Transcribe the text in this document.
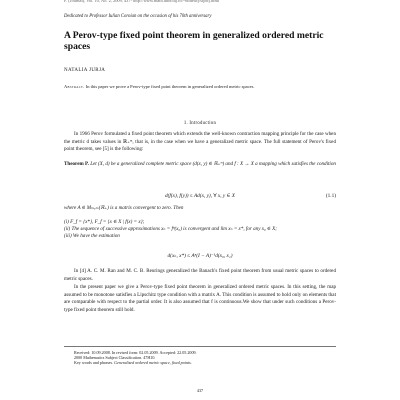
F. (Journal), Vol. 10, No. 2, 2009, 437- http://www.math.ubbcluj.ro/~nodeacj/sfptcj.html
Dedicated to Professor Iulian Coroian on the occasion of his 70th anniversary
A Perov-type fixed point theorem in generalized ordered metric spaces
NATALIA JURJA
Abstract. In this paper we prove a Perov-type fixed point theorem in generalized ordered metric spaces.
1. Introduction
In 1966 Perov formulated a fixed point theorem which extends the well-known contraction mapping principle for the case when the metric d takes values in ℝ₊ᵐ, that is, in the case when we have a generalized metric space. The full statement of Perov's fixed point theorem, see [5] is the following:
Theorem P. Let (X, d) be a generalized complete metric space (d(x, y) ∈ ℝ₊ᵐ) and f : X → X a mapping which satisfies the condition
d(f(x), f(y)) ≤ Ad(x, y), ∀ x, y ∈ X	(1.1)
where A ∈ Mₘₓₘ(ℝ₊) is a matrix convergent to zero. Then
(i) F_f = {x*}, F_f = {x ∈ X | f(x) = x};
(ii) The sequence of successive approximations xₙ = fⁿ(x₀) is convergent and lim xₙ = x*, for any x₀ ∈ X;
(iii) We have the estimation
d(xₙ, x*) ≤ Aⁿ(I − A)⁻¹d(x₀, x₁)
In [4] A. C. M. Ran and M. C. B. Reurings generalized the Banach's fixed point theorem from usual metric spaces to ordered metric spaces.
In the present paper we give a Perov-type fixed point theorem in generalized ordered metric spaces. In this setting, the map assumed to be monotone satisfies a Lipschitz type condition with a matrix A. This condition is assumed to hold only on elements that are comparable with respect to the partial order. It is also assumed that f is continuous.We show that under such conditions a Perov-type fixed point theorem still hold.
Received: 10.09.2008. In revised form: 02.05.2009. Accepted: 22.05.2009.
2000 Mathematics Subject Classification. 47H10.
Key words and phrases. Generalized ordered metric space, fixed points.
437
